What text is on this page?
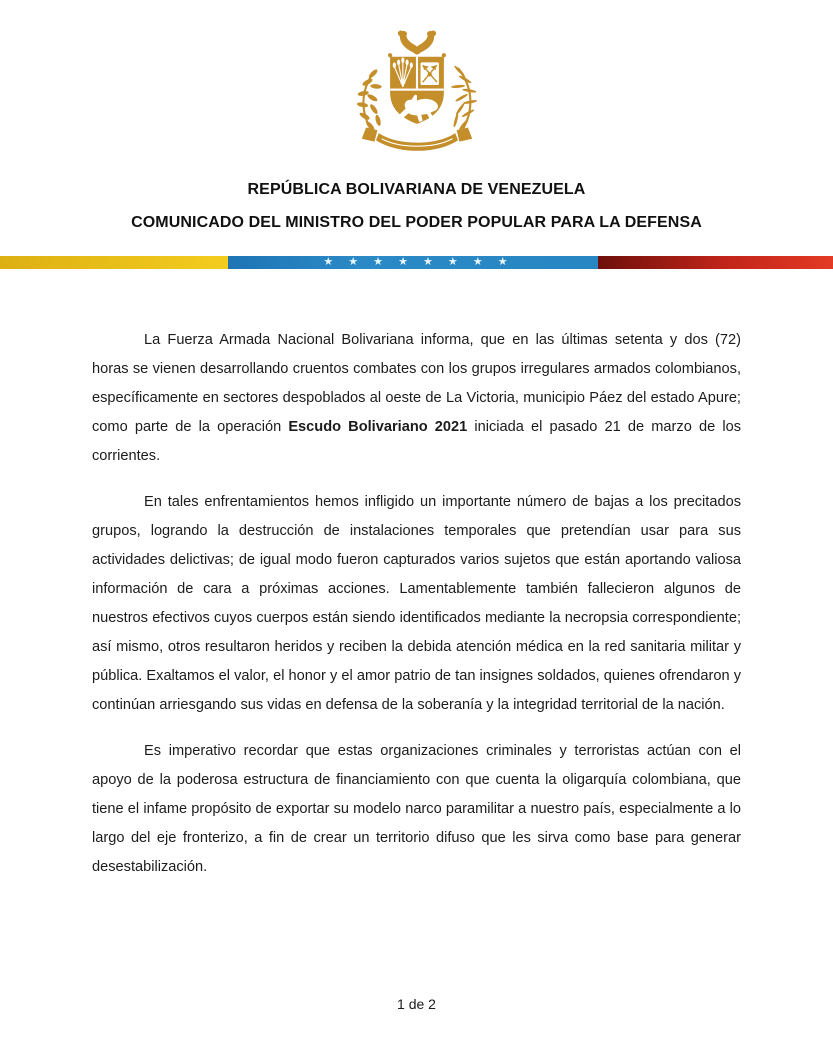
REPÚBLICA BOLIVARIANA DE VENEZUELA
COMUNICADO DEL MINISTRO DEL PODER POPULAR PARA LA DEFENSA
★ ★ ★ ★ ★ ★ ★ ★

La Fuerza Armada Nacional Bolivariana informa, que en las últimas setenta y dos (72) horas se vienen desarrollando cruentos combates con los grupos irregulares armados colombianos, específicamente en sectores despoblados al oeste de La Victoria, municipio Páez del estado Apure; como parte de la operación Escudo Bolivariano 2021 iniciada el pasado 21 de marzo de los corrientes.

En tales enfrentamientos hemos infligido un importante número de bajas a los precitados grupos, logrando la destrucción de instalaciones temporales que pretendían usar para sus actividades delictivas; de igual modo fueron capturados varios sujetos que están aportando valiosa información de cara a próximas acciones. Lamentablemente también fallecieron algunos de nuestros efectivos cuyos cuerpos están siendo identificados mediante la necropsia correspondiente; así mismo, otros resultaron heridos y reciben la debida atención médica en la red sanitaria militar y pública. Exaltamos el valor, el honor y el amor patrio de tan insignes soldados, quienes ofrendaron y continúan arriesgando sus vidas en defensa de la soberanía y la integridad territorial de la nación.

Es imperativo recordar que estas organizaciones criminales y terroristas actúan con el apoyo de la poderosa estructura de financiamiento con que cuenta la oligarquía colombiana, que tiene el infame propósito de exportar su modelo narco paramilitar a nuestro país, especialmente a lo largo del eje fronterizo, a fin de crear un territorio difuso que les sirva como base para generar desestabilización.

1 de 2
